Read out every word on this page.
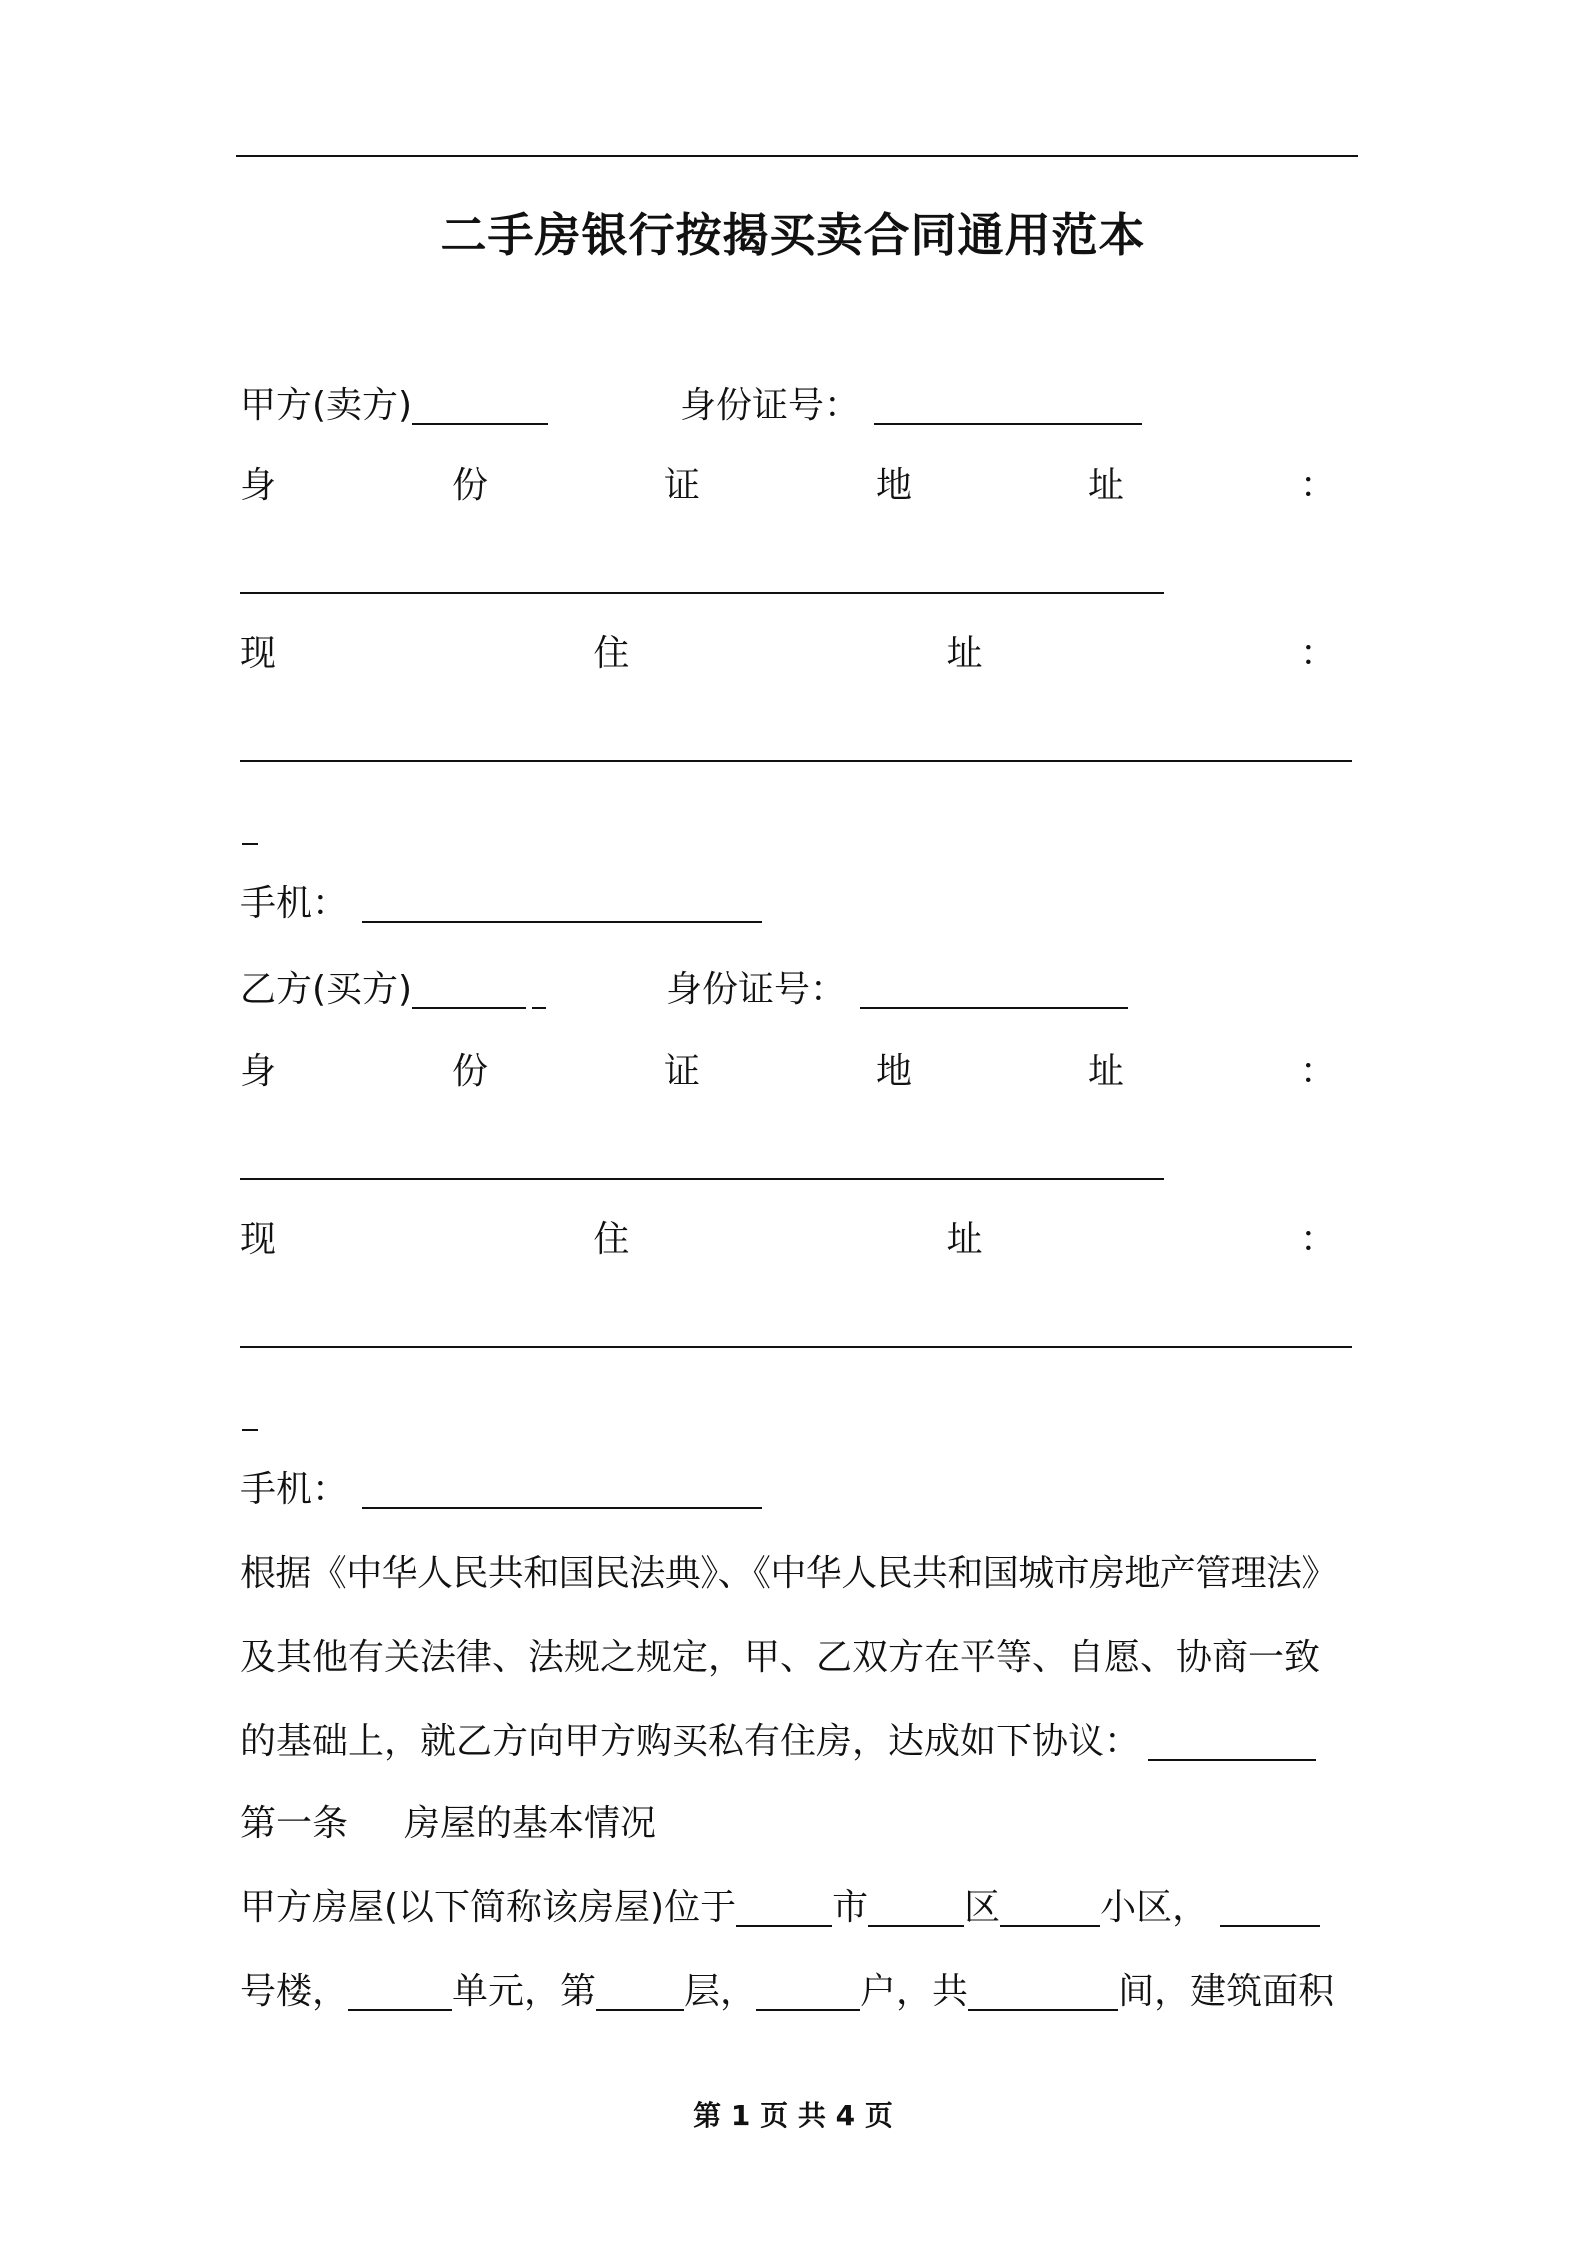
二手房银行按揭买卖合同通用范本
甲方(卖方)	身份证号：
身	份	证	地	址	：
现	住	址	：
手机：
乙方(买方)	身份证号：
身	份	证	地	址	：
现	住	址	：
手机：
根据《中华人民共和国民法典》、《中华人民共和国城市房地产管理法》
及其他有关法律、法规之规定，甲、乙双方在平等、自愿、协商一致
的基础上，就乙方向甲方购买私有住房，达成如下协议：
第一条 房屋的基本情况
甲方房屋(以下简称该房屋)位于	市	区	小区，
号楼，	单元，第 层，	户，共	间，建筑面积
第 1 页 共 4 页
